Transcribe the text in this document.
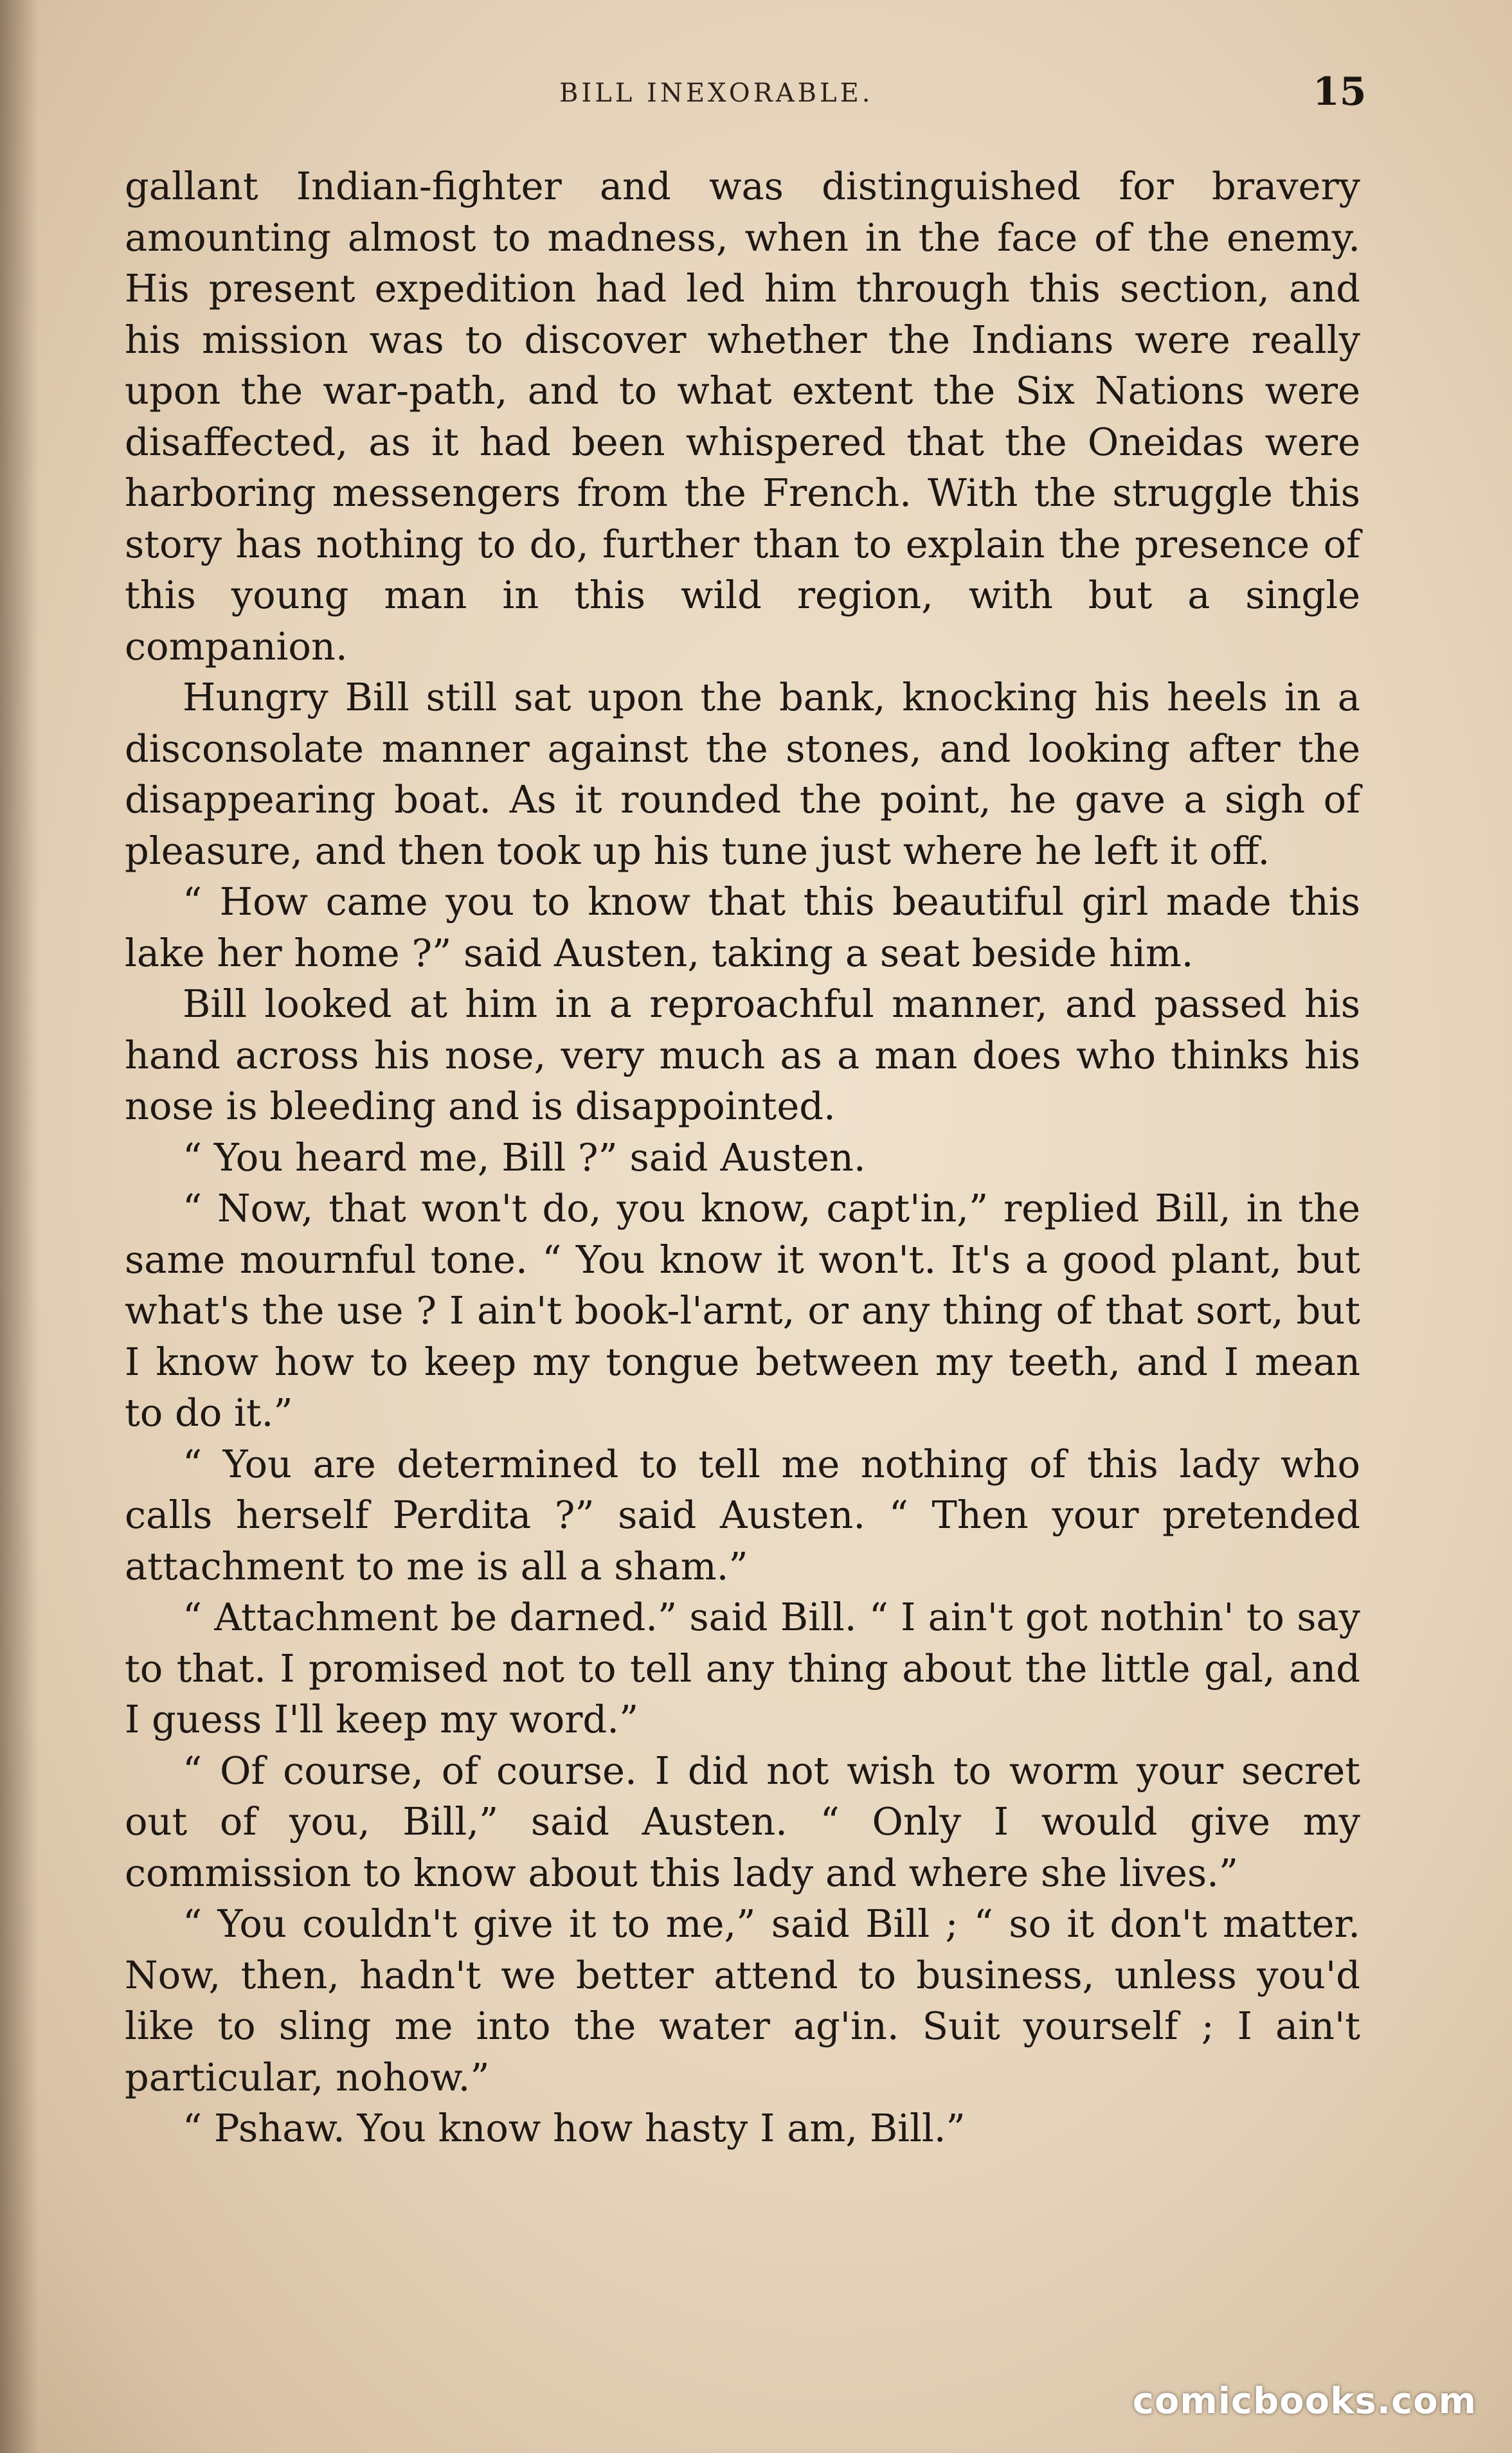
BILL INEXORABLE.	15

gallant Indian-fighter and was distinguished for bravery amounting almost to madness, when in the face of the enemy. His present expedition had led him through this section, and his mission was to discover whether the Indians were really upon the war-path, and to what extent the Six Nations were disaffected, as it had been whispered that the Oneidas were harboring messengers from the French. With the struggle this story has nothing to do, further than to explain the presence of this young man in this wild region, with but a single companion.

Hungry Bill still sat upon the bank, knocking his heels in a disconsolate manner against the stones, and looking after the disappearing boat. As it rounded the point, he gave a sigh of pleasure, and then took up his tune just where he left it off.

“ How came you to know that this beautiful girl made this lake her home ?” said Austen, taking a seat beside him.

Bill looked at him in a reproachful manner, and passed his hand across his nose, very much as a man does who thinks his nose is bleeding and is disappointed.

“ You heard me, Bill ?” said Austen.

“ Now, that won't do, you know, capt'in,” replied Bill, in the same mournful tone. “ You know it won't. It's a good plant, but what's the use ? I ain't book-l'arnt, or any thing of that sort, but I know how to keep my tongue between my teeth, and I mean to do it.”

“ You are determined to tell me nothing of this lady who calls herself Perdita ?” said Austen. “ Then your pretended attachment to me is all a sham.”

“ Attachment be darned.” said Bill. “ I ain't got nothin' to say to that. I promised not to tell any thing about the little gal, and I guess I'll keep my word.”

“ Of course, of course. I did not wish to worm your secret out of you, Bill,” said Austen. “ Only I would give my commission to know about this lady and where she lives.”

“ You couldn't give it to me,” said Bill ; “ so it don't matter. Now, then, hadn't we better attend to business, unless you'd like to sling me into the water ag'in. Suit yourself ; I ain't particular, nohow.”

“ Pshaw. You know how hasty I am, Bill.”

comicbooks.com
